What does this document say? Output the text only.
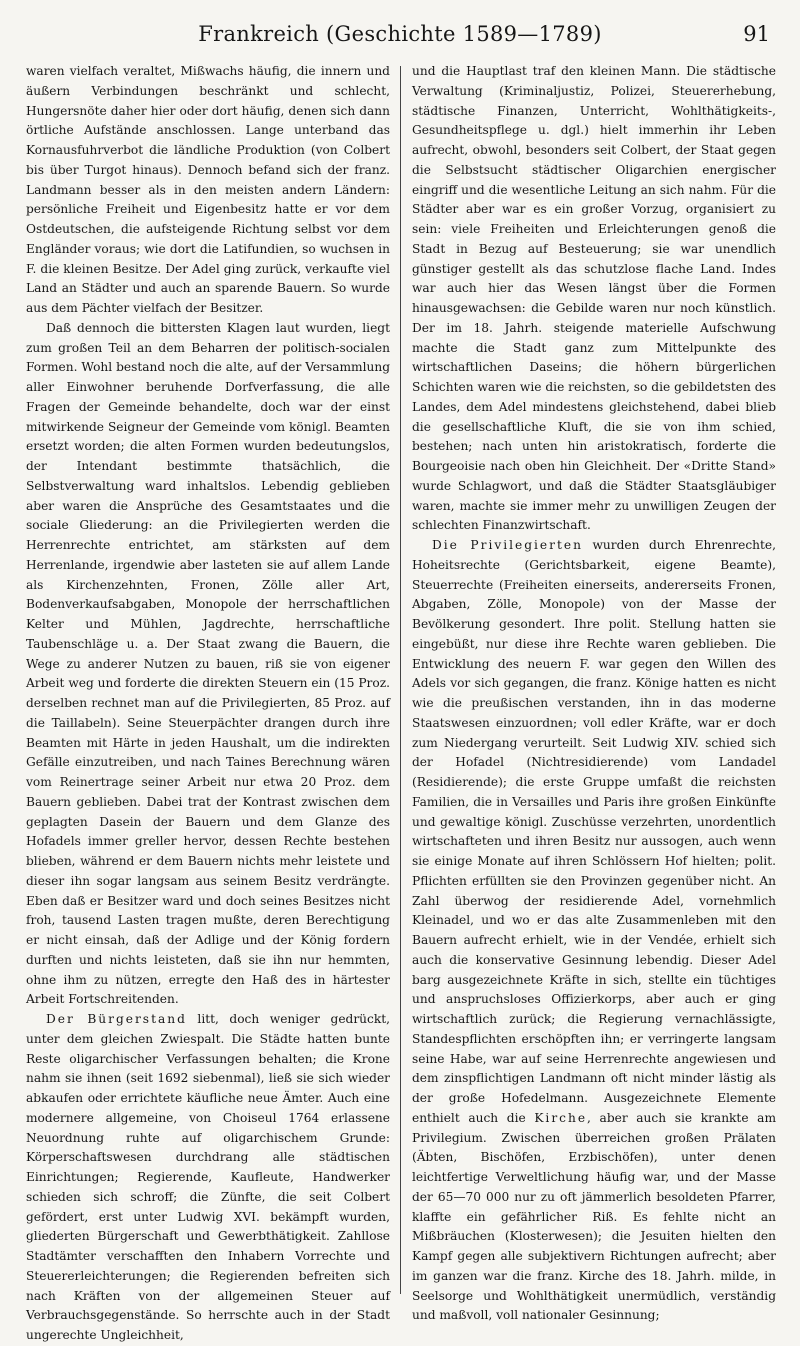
Frankreich (Geschichte 1589—1789)	91

waren vielfach veraltet, Mißwachs häufig, die innern und äußern Verbindungen beschränkt und schlecht, Hungersnöte daher hier oder dort häufig, denen sich dann örtliche Aufstände anschlossen. Lange unterband das Kornausfuhrverbot die ländliche Produktion (von Colbert bis über Turgot hinaus). Dennoch befand sich der franz. Landmann besser als in den meisten andern Ländern: persönliche Freiheit und Eigenbesitz hatte er vor dem Ostdeutschen, die aufsteigende Richtung selbst vor dem Engländer voraus; wie dort die Latifundien, so wuchsen in F. die kleinen Besitze. Der Adel ging zurück, verkaufte viel Land an Städter und auch an sparende Bauern. So wurde aus dem Pächter vielfach der Besitzer.

Daß dennoch die bittersten Klagen laut wurden, liegt zum großen Teil an dem Beharren der politisch-socialen Formen. Wohl bestand noch die alte, auf der Versammlung aller Einwohner beruhende Dorfverfassung, die alle Fragen der Gemeinde behandelte, doch war der einst mitwirkende Seigneur der Gemeinde vom königl. Beamten ersetzt worden; die alten Formen wurden bedeutungslos, der Intendant bestimmte thatsächlich, die Selbstverwaltung ward inhaltslos. Lebendig geblieben aber waren die Ansprüche des Gesamtstaates und die sociale Gliederung: an die Privilegierten werden die Herrenrechte entrichtet, am stärksten auf dem Herrenlande, irgendwie aber lasteten sie auf allem Lande als Kirchenzehnten, Fronen, Zölle aller Art, Bodenverkaufsabgaben, Monopole der herrschaftlichen Kelter und Mühlen, Jagdrechte, herrschaftliche Taubenschläge u. a. Der Staat zwang die Bauern, die Wege zu anderer Nutzen zu bauen, riß sie von eigener Arbeit weg und forderte die direkten Steuern ein (15 Proz. derselben rechnet man auf die Privilegierten, 85 Proz. auf die Taillabeln). Seine Steuerpächter drangen durch ihre Beamten mit Härte in jeden Haushalt, um die indirekten Gefälle einzutreiben, und nach Taines Berechnung wären vom Reinertrage seiner Arbeit nur etwa 20 Proz. dem Bauern geblieben. Dabei trat der Kontrast zwischen dem geplagten Dasein der Bauern und dem Glanze des Hofadels immer greller hervor, dessen Rechte bestehen blieben, während er dem Bauern nichts mehr leistete und dieser ihn sogar langsam aus seinem Besitz verdrängte. Eben daß er Besitzer ward und doch seines Besitzes nicht froh, tausend Lasten tragen mußte, deren Berechtigung er nicht einsah, daß der Adlige und der König fordern durften und nichts leisteten, daß sie ihn nur hemmten, ohne ihm zu nützen, erregte den Haß des in härtester Arbeit Fortschreitenden.

Der Bürgerstand litt, doch weniger gedrückt, unter dem gleichen Zwiespalt. Die Städte hatten bunte Reste oligarchischer Verfassungen behalten; die Krone nahm sie ihnen (seit 1692 siebenmal), ließ sie sich wieder abkaufen oder errichtete käufliche neue Ämter. Auch eine modernere allgemeine, von Choiseul 1764 erlassene Neuordnung ruhte auf oligarchischem Grunde: Körperschaftswesen durchdrang alle städtischen Einrichtungen; Regierende, Kaufleute, Handwerker schieden sich schroff; die Zünfte, die seit Colbert gefördert, erst unter Ludwig XVI. bekämpft wurden, gliederten Bürgerschaft und Gewerbthätigkeit. Zahllose Stadtämter verschafften den Inhabern Vorrechte und Steuererleichterungen; die Regierenden befreiten sich nach Kräften von der allgemeinen Steuer auf Verbrauchsgegenstände. So herrschte auch in der Stadt ungerechte Ungleichheit,

und die Hauptlast traf den kleinen Mann. Die städtische Verwaltung (Kriminaljustiz, Polizei, Steuererhebung, städtische Finanzen, Unterricht, Wohlthätigkeits-, Gesundheitspflege u. dgl.) hielt immerhin ihr Leben aufrecht, obwohl, besonders seit Colbert, der Staat gegen die Selbstsucht städtischer Oligarchien energischer eingriff und die wesentliche Leitung an sich nahm. Für die Städter aber war es ein großer Vorzug, organisiert zu sein: viele Freiheiten und Erleichterungen genoß die Stadt in Bezug auf Besteuerung; sie war unendlich günstiger gestellt als das schutzlose flache Land. Indes war auch hier das Wesen längst über die Formen hinausgewachsen: die Gebilde waren nur noch künstlich. Der im 18. Jahrh. steigende materielle Aufschwung machte die Stadt ganz zum Mittelpunkte des wirtschaftlichen Daseins; die höhern bürgerlichen Schichten waren wie die reichsten, so die gebildetsten des Landes, dem Adel mindestens gleichstehend, dabei blieb die gesellschaftliche Kluft, die sie von ihm schied, bestehen; nach unten hin aristokratisch, forderte die Bourgeoisie nach oben hin Gleichheit. Der «Dritte Stand» wurde Schlagwort, und daß die Städter Staatsgläubiger waren, machte sie immer mehr zu unwilligen Zeugen der schlechten Finanzwirtschaft.

Die Privilegierten wurden durch Ehrenrechte, Hoheitsrechte (Gerichtsbarkeit, eigene Beamte), Steuerrechte (Freiheiten einerseits, andererseits Fronen, Abgaben, Zölle, Monopole) von der Masse der Bevölkerung gesondert. Ihre polit. Stellung hatten sie eingebüßt, nur diese ihre Rechte waren geblieben. Die Entwicklung des neuern F. war gegen den Willen des Adels vor sich gegangen, die franz. Könige hatten es nicht wie die preußischen verstanden, ihn in das moderne Staatswesen einzuordnen; voll edler Kräfte, war er doch zum Niedergang verurteilt. Seit Ludwig XIV. schied sich der Hofadel (Nichtresidierende) vom Landadel (Residierende); die erste Gruppe umfaßt die reichsten Familien, die in Versailles und Paris ihre großen Einkünfte und gewaltige königl. Zuschüsse verzehrten, unordentlich wirtschafteten und ihren Besitz nur aussogen, auch wenn sie einige Monate auf ihren Schlössern Hof hielten; polit. Pflichten erfüllten sie den Provinzen gegenüber nicht. An Zahl überwog der residierende Adel, vornehmlich Kleinadel, und wo er das alte Zusammenleben mit den Bauern aufrecht erhielt, wie in der Vendée, erhielt sich auch die konservative Gesinnung lebendig. Dieser Adel barg ausgezeichnete Kräfte in sich, stellte ein tüchtiges und anspruchsloses Offizierkorps, aber auch er ging wirtschaftlich zurück; die Regierung vernachlässigte, Standespflichten erschöpften ihn; er verringerte langsam seine Habe, war auf seine Herrenrechte angewiesen und dem zinspflichtigen Landmann oft nicht minder lästig als der große Hofedelmann. Ausgezeichnete Elemente enthielt auch die Kirche, aber auch sie krankte am Privilegium. Zwischen überreichen großen Prälaten (Äbten, Bischöfen, Erzbischöfen), unter denen leichtfertige Verweltlichung häufig war, und der Masse der 65—70 000 nur zu oft jämmerlich besoldeten Pfarrer, klaffte ein gefährlicher Riß. Es fehlte nicht an Mißbräuchen (Klosterwesen); die Jesuiten hielten den Kampf gegen alle subjektivern Richtungen aufrecht; aber im ganzen war die franz. Kirche des 18. Jahrh. milde, in Seelsorge und Wohlthätigkeit unermüdlich, verständig und maßvoll, voll nationaler Gesinnung;
